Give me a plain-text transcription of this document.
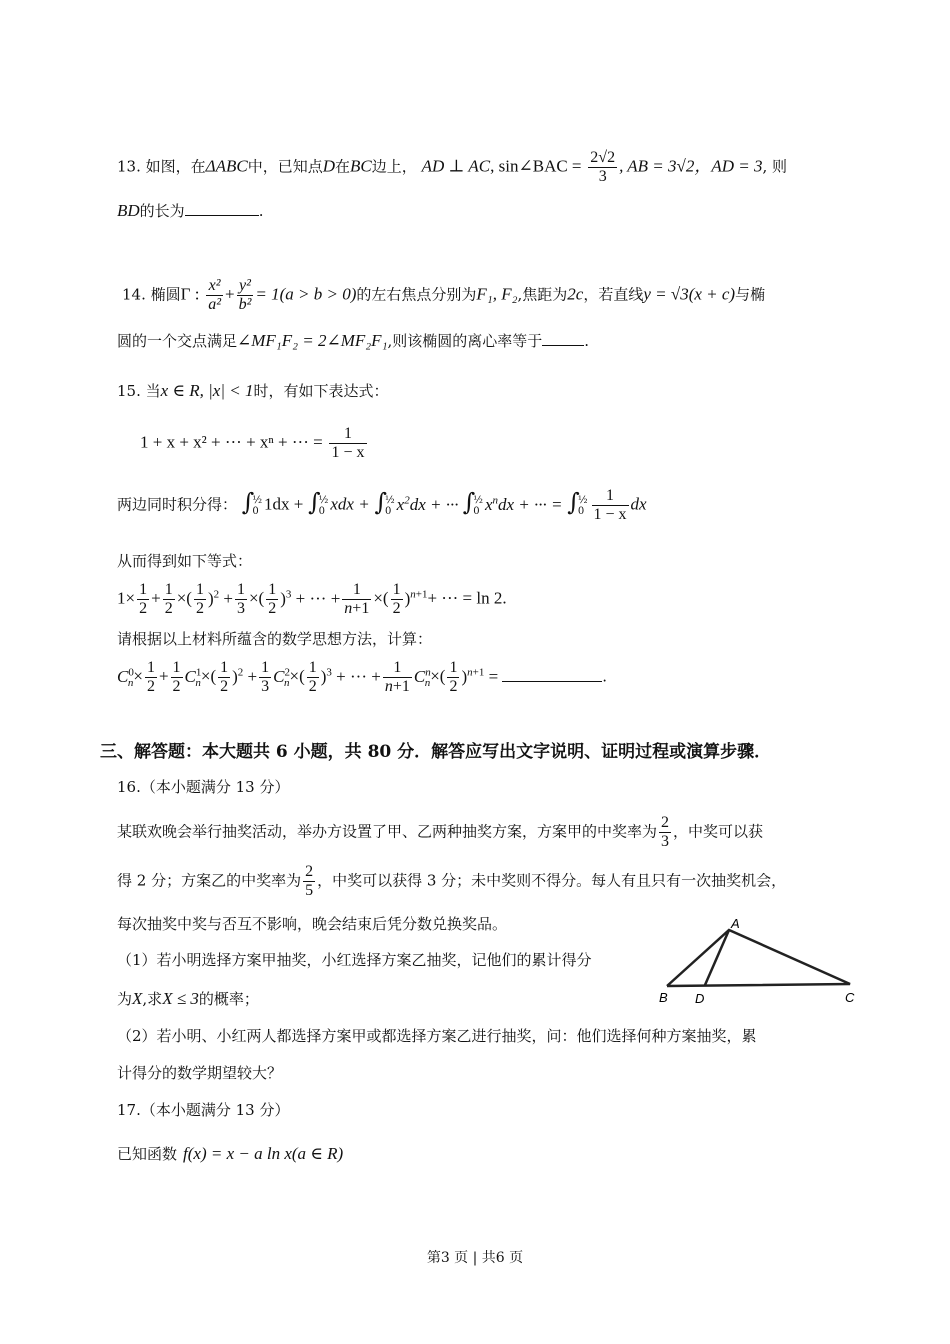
13. 如图，在ΔABC中，已知点D在BC边上， AD ⊥ AC, sin∠BAC = $\frac{2√2}{3}$ , AB = 3√2，AD = 3, 则
BD的长为	.
14. 椭圆Γ : $\frac{\text{x²}}{\text{a²}} + \frac{\text{y²}}{\text{b²}} = 1(a > b > 0)$的左右焦点分别为F₁, F₂,焦距为2c，若直线y = √3(x + c)与椭
圆的一个交点满足∠MF₁F₂ = 2∠MF₂F₁,则该椭圆的离心率等于	.
15. 当x ∈ R, |x| < 1时，有如下表达式：
1 + x + x² + ··· + xⁿ + ··· = $\frac{1}{1 - x}$
两边同时积分得： ∫½
0 1dx + ∫½
0 xdx + ∫½
0 $x^2dx$ + ··· ∫½
0 $x^ndx$ + ··· = ∫½
$0 \frac{1}{1 - x}$ dx
从而得到如下等式：
$1\times \frac{1}{2} + \frac{1}{2}$ ×( $\frac{1}{2} )^2 + \frac{1}{3}$ ×( $\frac{1}{2} )^3$ + ··· + $\frac{1}{n+1}$ ×( $\frac{1}{2} )^{n+1}+$ ··· = ln 2.
请根据以上材料所蕴含的数学思想方法，计算：
$C^0_n\times \frac{1}{2} + \frac{1}{2} C^1_n\times( \frac{1}{2} )^2 + \frac{1}{3} C^2_n\times( \frac{1}{2} )^3$ + ··· + $\frac{1}{n+1} C^n_n\times( \frac{1}{2} )^{n+1}$ =	.
三、解答题：本大题共 6 小题，共 80 分．解答应写出文字说明、证明过程或演算步骤．
16.（本小题满分 13 分）
某联欢晚会举行抽奖活动，举办方设置了甲、乙两种抽奖方案，方案甲的中奖率为 $\frac{2}{3}$ ，中奖可以获
得 2 分；方案乙的中奖率为 $\frac{2}{5}$ ，中奖可以获得 3 分；未中奖则不得分。每人有且只有一次抽奖机会，
每次抽奖中奖与否互不影响，晚会结束后凭分数兑换奖品。
（1）若小明选择方案甲抽奖，小红选择方案乙抽奖，记他们的累计得分
为X,求X ≤ 3的概率；
（2）若小明、小红两人都选择方案甲或都选择方案乙进行抽奖，问：他们选择何种方案抽奖，累
计得分的数学期望较大？
17.（本小题满分 13 分）
已知函数 f(x) = x − a ln x(a ∈ R)
A
B D	C
第3 页 | 共6 页
